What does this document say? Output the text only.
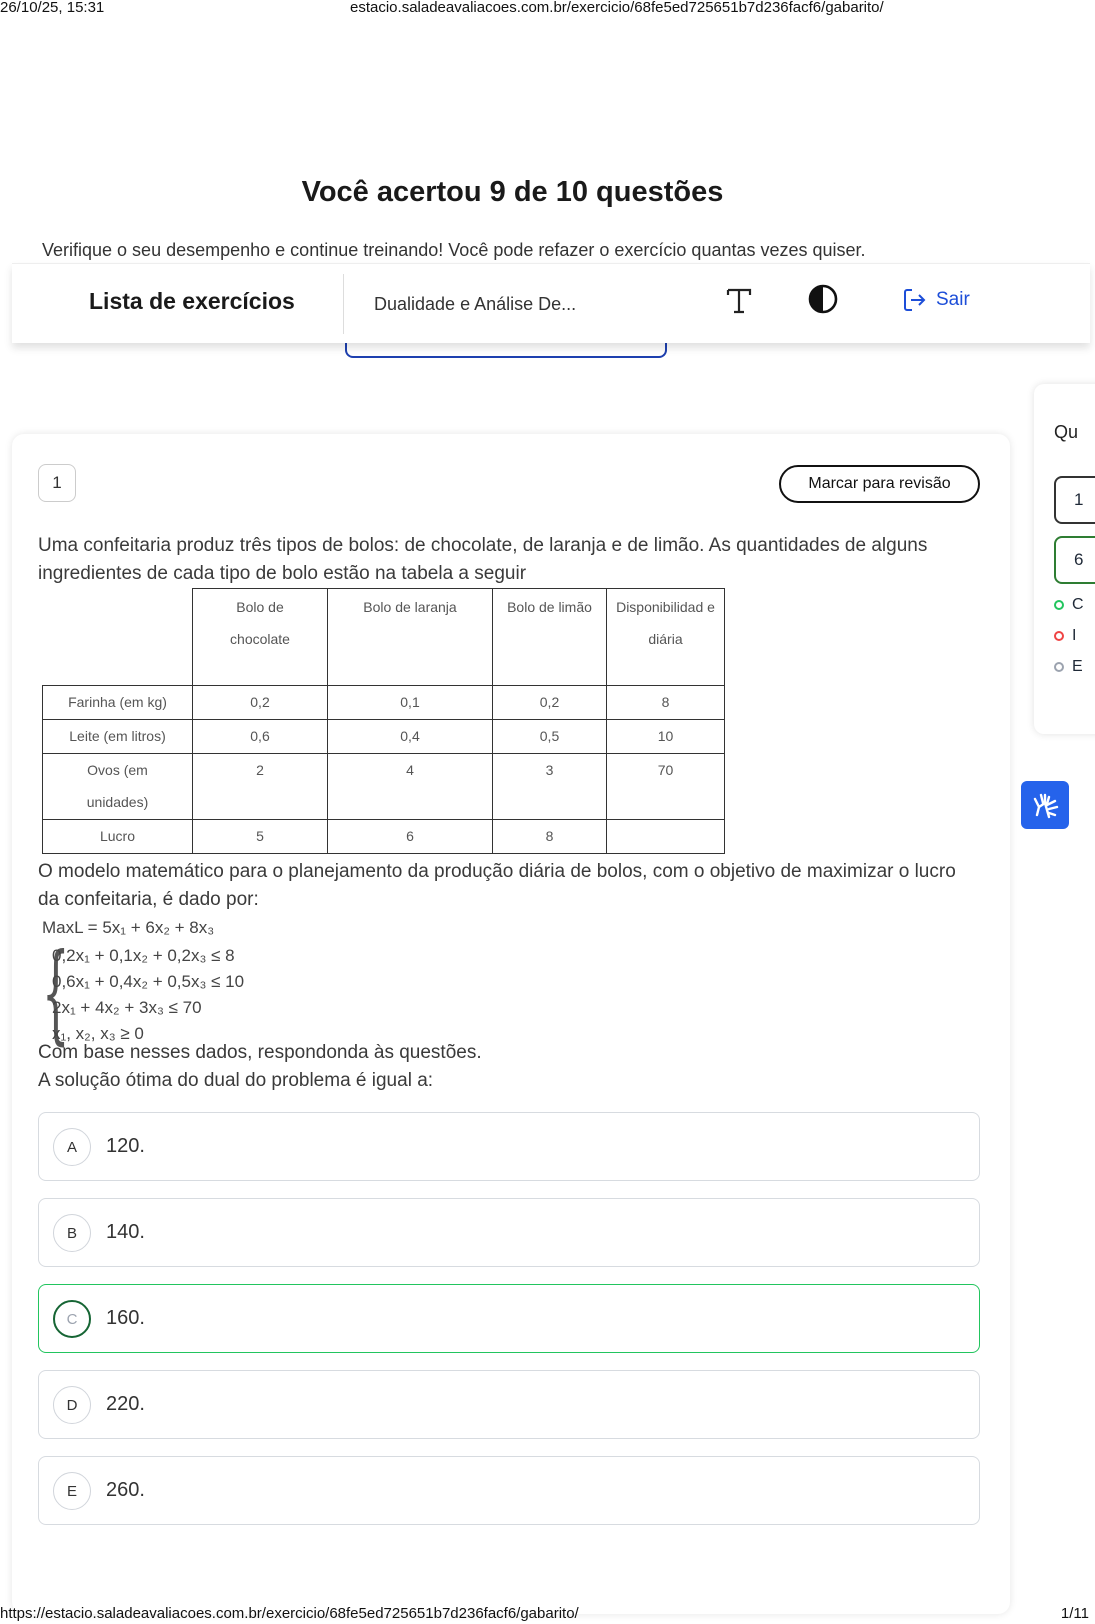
26/10/25, 15:31	estacio.saladeavaliacoes.com.br/exercicio/68fe5ed725651b7d236facf6/gabarito/
Você acertou 9 de 10 questões
Verifique o seu desempenho e continue treinando! Você pode refazer o exercício quantas vezes quiser.
Lista de exercícios	Dualidade e Análise De...	Sair
Qu
1
6
C
I
E
1	Marcar para revisão
Uma confeitaria produz três tipos de bolos: de chocolate, de laranja e de limão. As quantidades de alguns ingredientes de cada tipo de bolo estão na tabela a seguir
	Bolo de chocolate	Bolo de laranja	Bolo de limão	Disponibilidad e diária
Farinha (em kg)	0,2	0,1	0,2	8
Leite (em litros)	0,6	0,4	0,5	10
Ovos (em unidades)	2	4	3	70
Lucro	5	6	8	
O modelo matemático para o planejamento da produção diária de bolos, com o objetivo de maximizar o lucro da confeitaria, é dado por:
MaxL = 5x₁ + 6x₂ + 8x₃
{
0,2x₁ + 0,1x₂ + 0,2x₃ ≤ 8
0,6x₁ + 0,4x₂ + 0,5x₃ ≤ 10
2x₁ + 4x₂ + 3x₃ ≤ 70
x₁, x₂, x₃ ≥ 0
Com base nesses dados, respondonda às questões.
A solução ótima do dual do problema é igual a:
A	120.
B	140.
C	160.
D	220.
E	260.
https://estacio.saladeavaliacoes.com.br/exercicio/68fe5ed725651b7d236facf6/gabarito/	1/11
